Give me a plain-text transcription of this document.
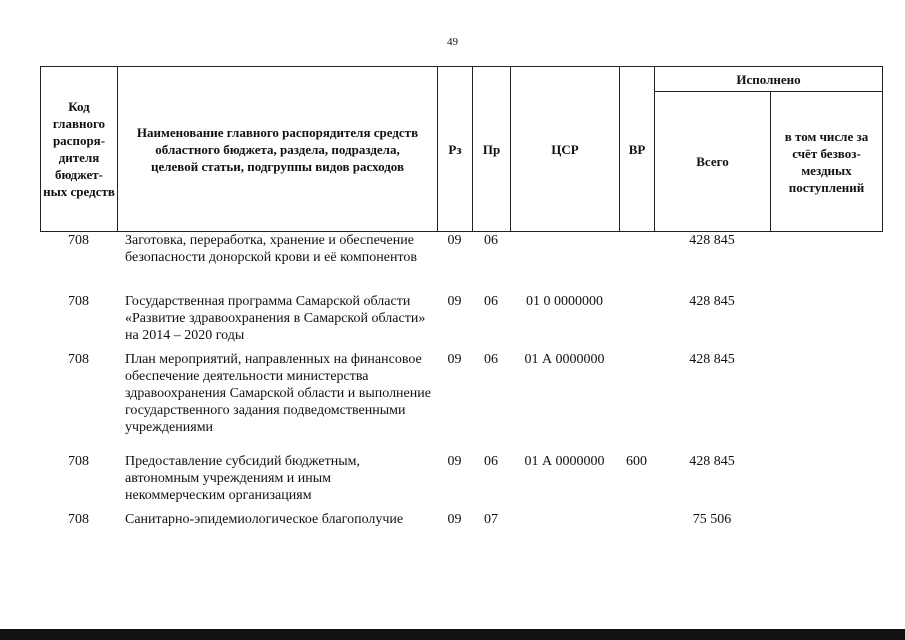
49
Код главного распоря-дителя бюджет-ных средств	Наименование главного распорядителя средств областного бюджета, раздела, подраздела, целевой статьи, подгруппы видов расходов	Рз	Пр	ЦСР	ВР	Исполнено	
						Всего	в том числе за счёт безвоз-мездных поступлений
708	Заготовка, переработка, хранение и обеспечение безопасности донорской крови и её компонентов	09	06			428 845	
708	Государственная программа Самарской области «Развитие здравоохранения в Самарской области» на 2014 – 2020 годы	09	06	01 0 0000000		428 845	
708	План мероприятий, направленных на финансовое обеспечение деятельности министерства здравоохранения Самарской области и выполнение государственного задания подведомственными учреждениями	09	06	01 А 0000000		428 845	
708	Предоставление субсидий бюджетным, автономным учреждениям и иным некоммерческим организациям	09	06	01 А 0000000	600	428 845	
708	Санитарно-эпидемиологическое благополучие	09	07			75 506	
